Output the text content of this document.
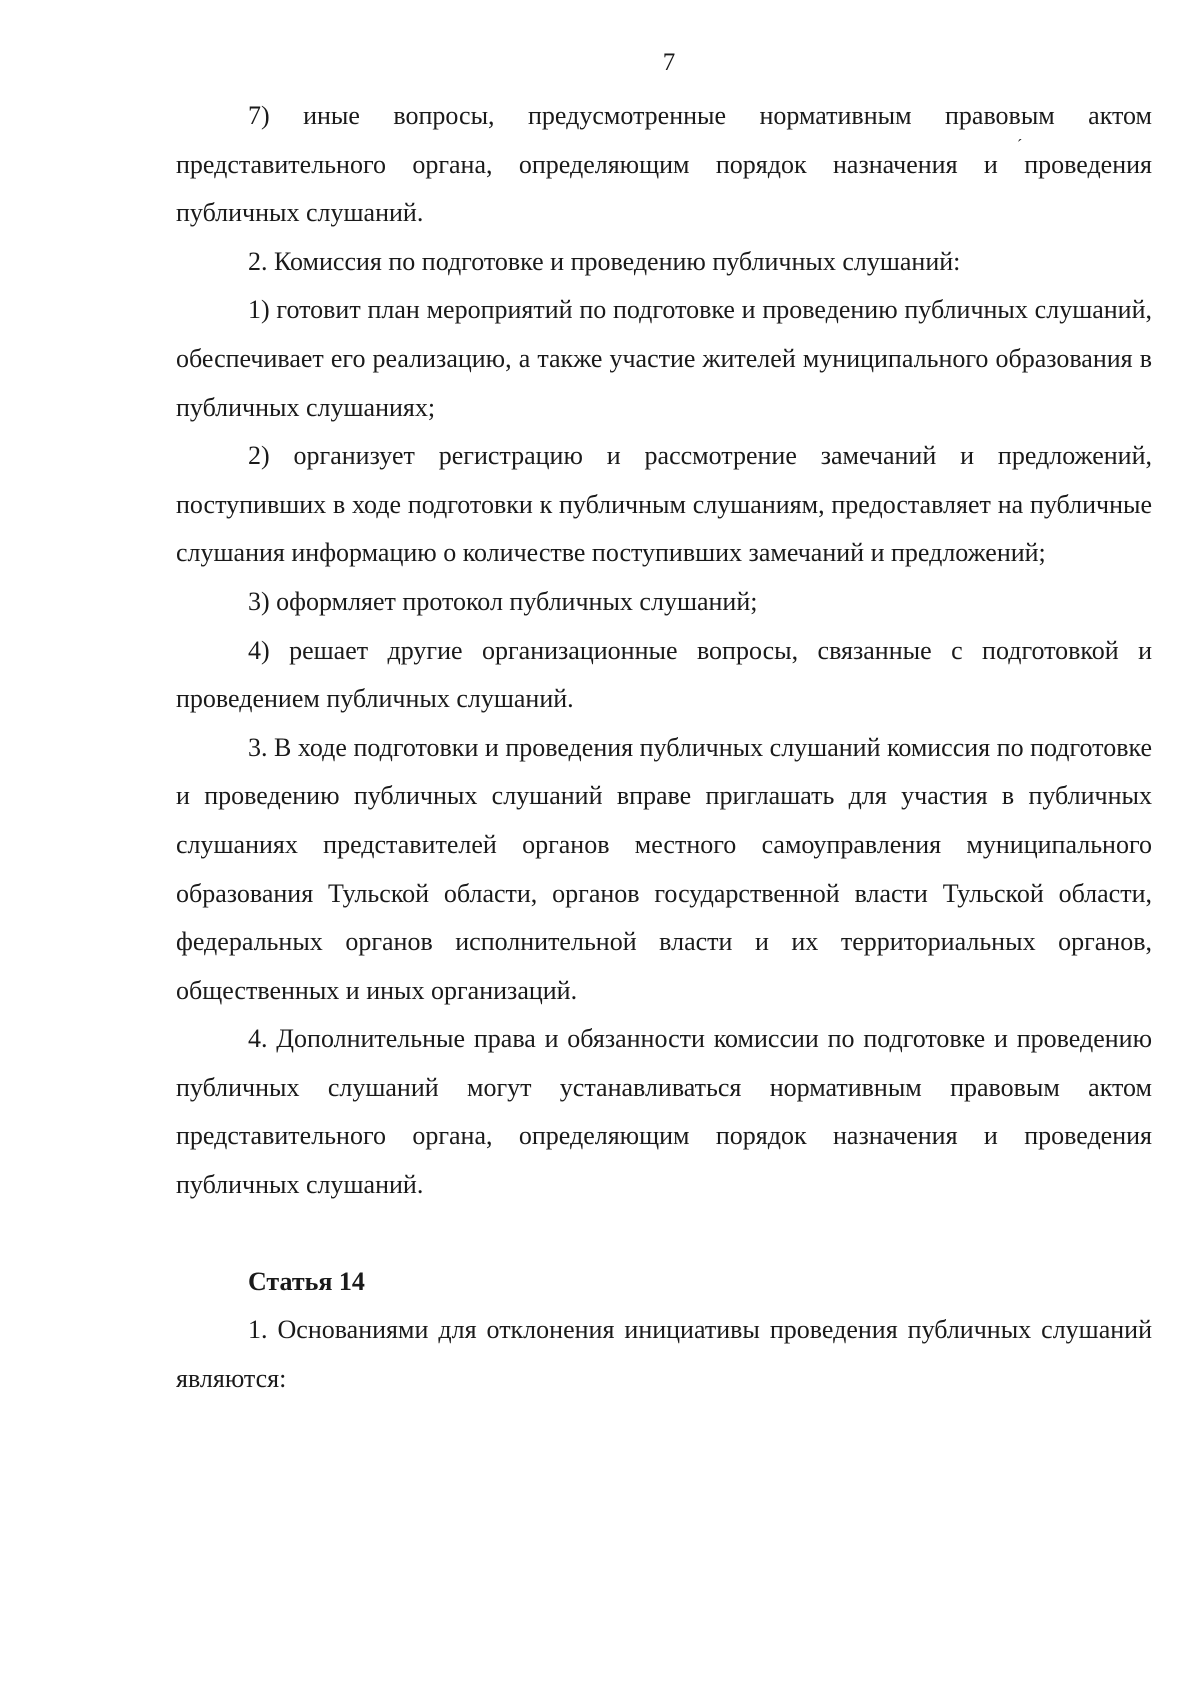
7
ˊ

7) иные вопросы, предусмотренные нормативным правовым актом представительного органа, определяющим порядок назначения и проведения публичных слушаний.

2. Комиссия по подготовке и проведению публичных слушаний:

1) готовит план мероприятий по подготовке и проведению публичных слушаний, обеспечивает его реализацию, а также участие жителей муниципального образования в публичных слушаниях;

2) организует регистрацию и рассмотрение замечаний и предложений, поступивших в ходе подготовки к публичным слушаниям, предоставляет на публичные слушания информацию о количестве поступивших замечаний и предложений;

3) оформляет протокол публичных слушаний;

4) решает другие организационные вопросы, связанные с подготовкой и проведением публичных слушаний.

3. В ходе подготовки и проведения публичных слушаний комиссия по подготовке и проведению публичных слушаний вправе приглашать для участия в публичных слушаниях представителей органов местного самоуправления муниципального образования Тульской области, органов государственной власти Тульской области, федеральных органов исполнительной власти и их территориальных органов, общественных и иных организаций.

4. Дополнительные права и обязанности комиссии по подготовке и проведению публичных слушаний могут устанавливаться нормативным правовым актом представительного органа, определяющим порядок назначения и проведения публичных слушаний.

Статья 14

1. Основаниями для отклонения инициативы проведения публичных слушаний являются:
